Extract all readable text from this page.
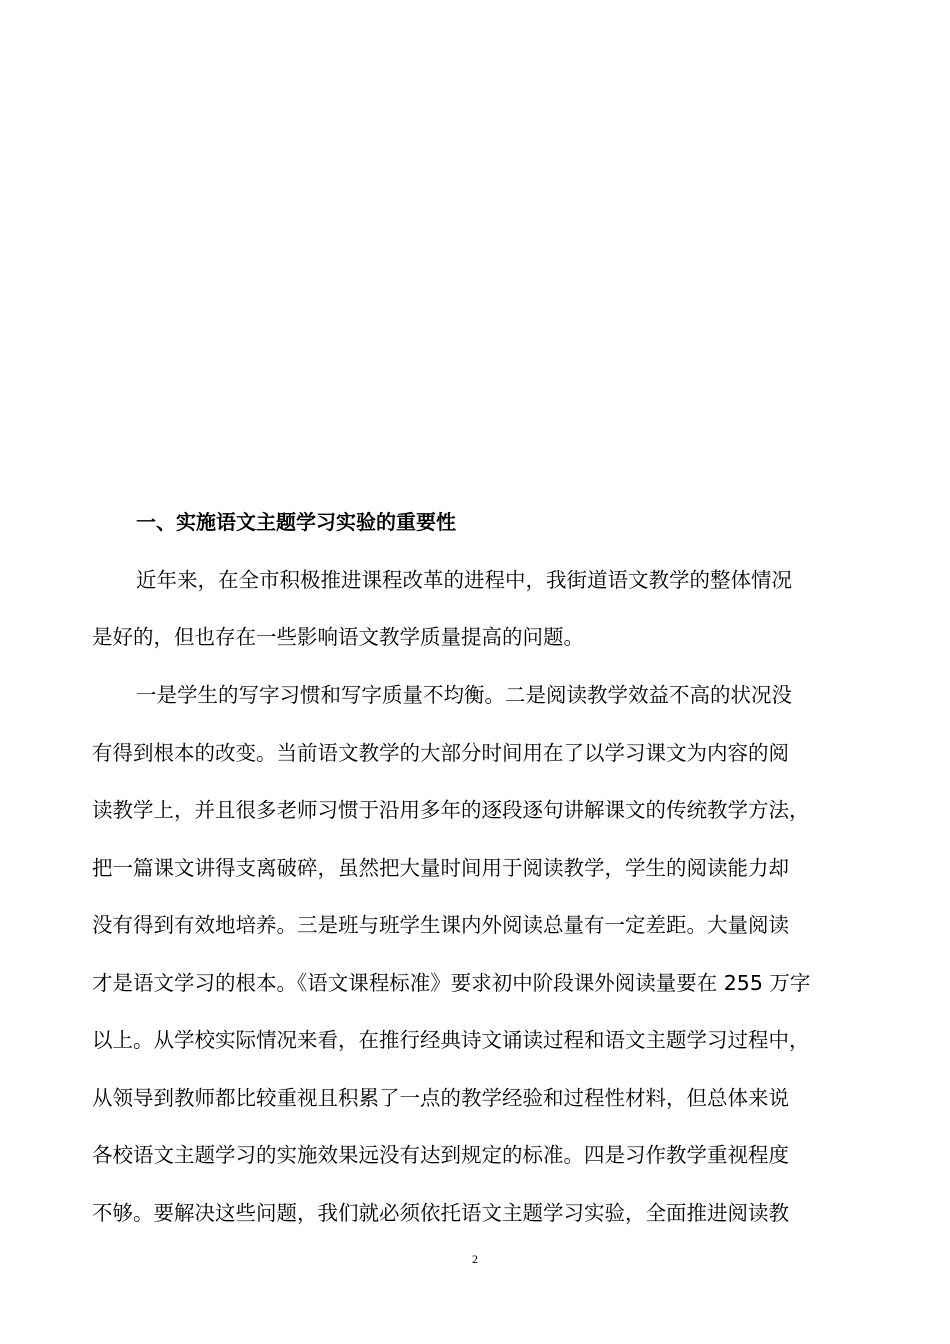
一、实施语文主题学习实验的重要性
近年来，在全市积极推进课程改革的进程中，我街道语文教学的整体情况
是好的，但也存在一些影响语文教学质量提高的问题。
一是学生的写字习惯和写字质量不均衡。二是阅读教学效益不高的状况没
有得到根本的改变。当前语文教学的大部分时间用在了以学习课文为内容的阅
读教学上，并且很多老师习惯于沿用多年的逐段逐句讲解课文的传统教学方法，
把一篇课文讲得支离破碎，虽然把大量时间用于阅读教学，学生的阅读能力却
没有得到有效地培养。三是班与班学生课内外阅读总量有一定差距。大量阅读
才是语文学习的根本。《语文课程标准》要求初中阶段课外阅读量要在 255 万字
以上。从学校实际情况来看，在推行经典诗文诵读过程和语文主题学习过程中，
从领导到教师都比较重视且积累了一点的教学经验和过程性材料，但总体来说
各校语文主题学习的实施效果远没有达到规定的标准。四是习作教学重视程度
不够。要解决这些问题，我们就必须依托语文主题学习实验，全面推进阅读教
2
